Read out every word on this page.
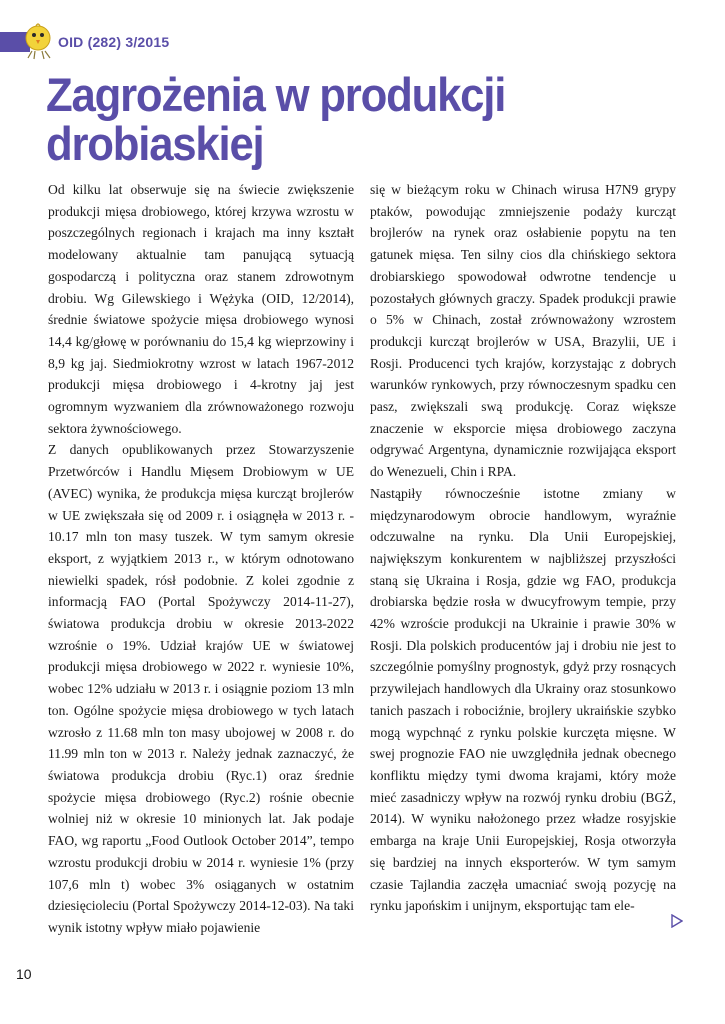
OID (282) 3/2015
Zagrożenia w produkcji drobiaskiej

Od kilku lat obserwuje się na świecie zwiększenie produkcji mięsa drobiowego, której krzywa wzrostu w poszczególnych regionach i krajach ma inny kształt modelowany aktualnie tam panującą sytuacją gospodarczą i polityczna oraz stanem zdrowotnym drobiu. Wg Gilewskiego i Wężyka (OID, 12/2014), średnie światowe spożycie mięsa drobiowego wynosi 14,4 kg/głowę w porównaniu do 15,4 kg wieprzowiny i 8,9 kg jaj. Siedmiokrotny wzrost w latach 1967-2012 produkcji mięsa drobiowego i 4-krotny jaj jest ogromnym wyzwaniem dla zrównoważonego rozwoju sektora żywnościowego.

Z danych opublikowanych przez Stowarzyszenie Przetwórców i Handlu Mięsem Drobiowym w UE (AVEC) wynika, że produkcja mięsa kurcząt brojlerów w UE zwiększała się od 2009 r. i osiągnęła w 2013 r. - 10.17 mln ton masy tuszek. W tym samym okresie eksport, z wyjątkiem 2013 r., w którym odnotowano niewielki spadek, rósł podobnie. Z kolei zgodnie z informacją FAO (Portal Spożywczy 2014-11-27), światowa produkcja drobiu w okresie 2013-2022 wzrośnie o 19%. Udział krajów UE w światowej produkcji mięsa drobiowego w 2022 r. wyniesie 10%, wobec 12% udziału w 2013 r. i osiągnie poziom 13 mln ton. Ogólne spożycie mięsa drobiowego w tych latach wzrosło z 11.68 mln ton masy ubojowej w 2008 r. do 11.99 mln ton w 2013 r. Należy jednak zaznaczyć, że światowa produkcja drobiu (Ryc.1) oraz średnie spożycie mięsa drobiowego (Ryc.2) rośnie obecnie wolniej niż w okresie 10 minionych lat. Jak podaje FAO, wg raportu „Food Outlook October 2014”, tempo wzrostu produkcji drobiu w 2014 r. wyniesie 1% (przy 107,6 mln t) wobec 3% osiąganych w ostatnim dziesięcioleciu (Portal Spożywczy 2014-12-03). Na taki wynik istotny wpływ miało pojawienie

się w bieżącym roku w Chinach wirusa H7N9 grypy ptaków, powodując zmniejszenie podaży kurcząt brojlerów na rynek oraz osłabienie popytu na ten gatunek mięsa. Ten silny cios dla chińskiego sektora drobiarskiego spowodował odwrotne tendencje u pozostałych głównych graczy. Spadek produkcji prawie o 5% w Chinach, został zrównoważony wzrostem produkcji kurcząt brojlerów w USA, Brazylii, UE i Rosji. Producenci tych krajów, korzystając z dobrych warunków rynkowych, przy równoczesnym spadku cen pasz, zwiększali swą produkcję. Coraz większe znaczenie w eksporcie mięsa drobiowego zaczyna odgrywać Argentyna, dynamicznie rozwijająca eksport do Wenezueli, Chin i RPA.

Nastąpiły równocześnie istotne zmiany w międzynarodowym obrocie handlowym, wyraźnie odczuwalne na rynku. Dla Unii Europejskiej, największym konkurentem w najbliższej przyszłości staną się Ukraina i Rosja, gdzie wg FAO, produkcja drobiarska będzie rosła w dwucyfrowym tempie, przy 42% wzroście produkcji na Ukrainie i prawie 30% w Rosji. Dla polskich producentów jaj i drobiu nie jest to szczególnie pomyślny prognostyk, gdyż przy rosnących przywilejach handlowych dla Ukrainy oraz stosunkowo tanich paszach i robociźnie, brojlery ukraińskie szybko mogą wypchnąć z rynku polskie kurczęta mięsne. W swej prognozie FAO nie uwzględniła jednak obecnego konfliktu między tymi dwoma krajami, który może mieć zasadniczy wpływ na rozwój rynku drobiu (BGŻ, 2014). W wyniku nałożonego przez władze rosyjskie embarga na kraje Unii Europejskiej, Rosja otworzyła się bardziej na innych eksporterów. W tym samym czasie Tajlandia zaczęła umacniać swoją pozycję na rynku japońskim i unijnym, eksportując tam ele-

10
